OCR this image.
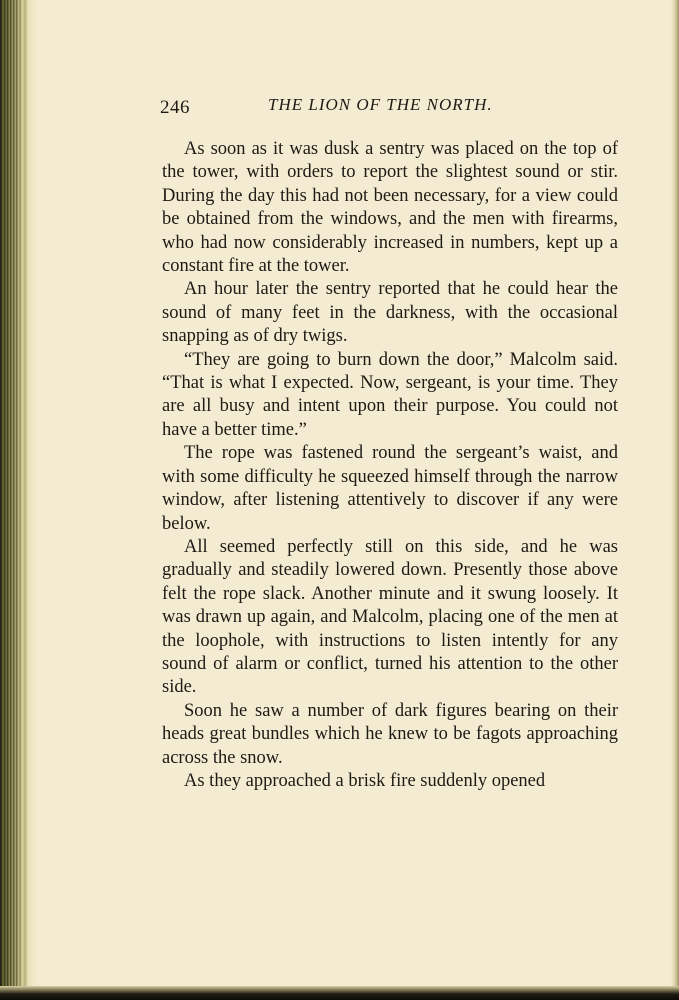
246	THE LION OF THE NORTH.

As soon as it was dusk a sentry was placed on the top of the tower, with orders to report the slightest sound or stir. During the day this had not been necessary, for a view could be obtained from the windows, and the men with firearms, who had now considerably increased in numbers, kept up a constant fire at the tower.

An hour later the sentry reported that he could hear the sound of many feet in the darkness, with the occasional snapping as of dry twigs.

“They are going to burn down the door,” Malcolm said. “That is what I expected. Now, sergeant, is your time. They are all busy and intent upon their purpose. You could not have a better time.”

The rope was fastened round the sergeant’s waist, and with some difficulty he squeezed himself through the narrow window, after listening attentively to discover if any were below.

All seemed perfectly still on this side, and he was gradually and steadily lowered down. Presently those above felt the rope slack. Another minute and it swung loosely. It was drawn up again, and Malcolm, placing one of the men at the loophole, with instructions to listen intently for any sound of alarm or conflict, turned his attention to the other side.

Soon he saw a number of dark figures bearing on their heads great bundles which he knew to be fagots approaching across the snow.

As they approached a brisk fire suddenly opened
